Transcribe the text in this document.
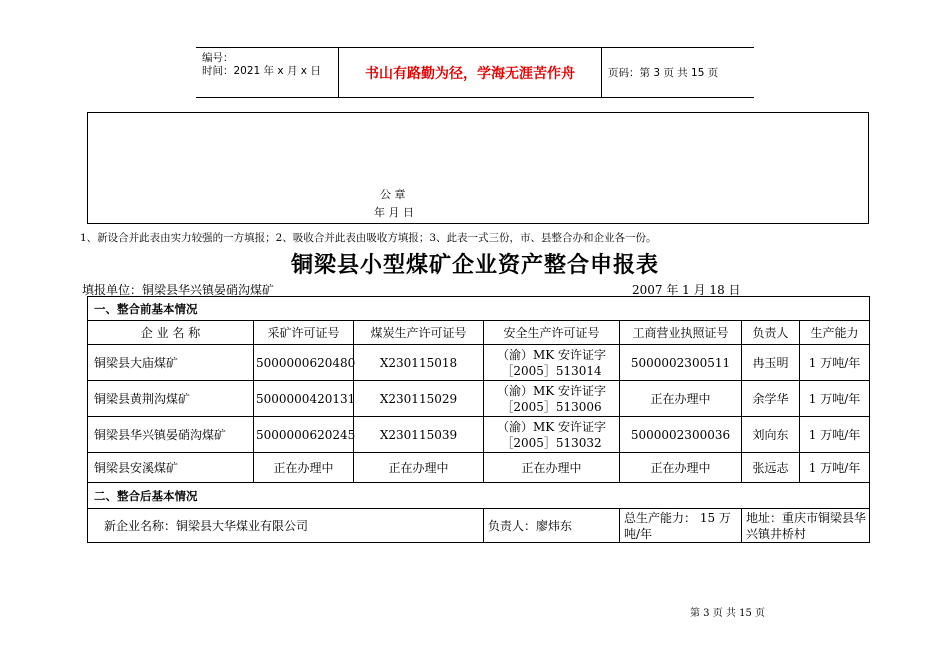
编号：
时间：2021 年 x 月 x 日	书山有路勤为径，学海无涯苦作舟	页码：第 3 页 共 15 页
公 章
年 月 日
1、新设合并此表由实力较强的一方填报；2、吸收合并此表由吸收方填报；3、此表一式三份，市、县整合办和企业各一份。
铜梁县小型煤矿企业资产整合申报表
填报单位：铜梁县华兴镇晏硝沟煤矿	2007 年 1 月 18 日
一、整合前基本情况						
企 业 名 称	采矿许可证号	煤炭生产许可证号	安全生产许可证号	工商营业执照证号	负责人	生产能力
铜梁县大庙煤矿	5000000620480	X230115018	（渝）MK 安许证字［2005］513014	5000002300511	冉玉明	1 万吨/年
铜梁县黄荆沟煤矿	5000000420131	X230115029	（渝）MK 安许证字［2005］513006	正在办理中	余学华	1 万吨/年
铜梁县华兴镇晏硝沟煤矿	5000000620245	X230115039	（渝）MK 安许证字［2005］513032	5000002300036	刘向东	1 万吨/年
铜梁县安溪煤矿	正在办理中	正在办理中	正在办理中	正在办理中	张远志	1 万吨/年
二、整合后基本情况						
新企业名称：铜梁县大华煤业有限公司			负责人：廖炜东	总生产能力： 15 万吨/年	地址：重庆市铜梁县华兴镇井桥村	
第 3 页 共 15 页
